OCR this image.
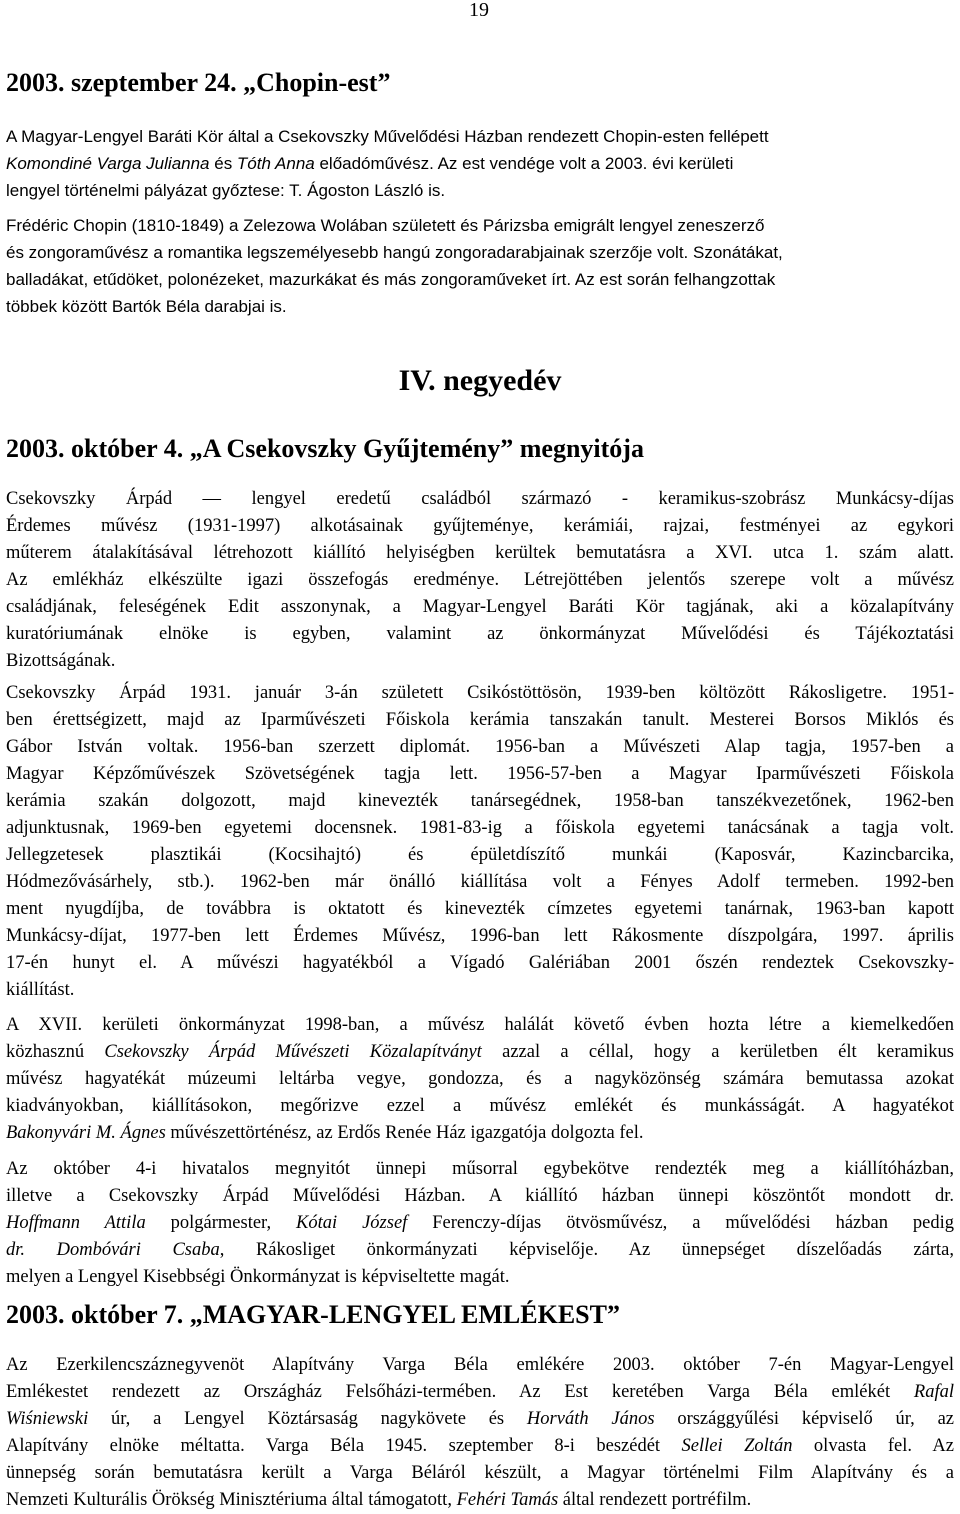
19
2003. szeptember 24. „Chopin-est”
A Magyar-Lengyel Baráti Kör által a Csekovszky Művelődési Házban rendezett Chopin-esten fellépett
Komondiné Varga Julianna és Tóth Anna előadóművész. Az est vendége volt a 2003. évi kerületi
lengyel történelmi pályázat győztese: T. Ágoston László is.
Frédéric Chopin (1810-1849) a Zelezowa Wolában született és Párizsba emigrált lengyel zeneszerző
és zongoraművész a romantika legszemélyesebb hangú zongoradarabjainak szerzője volt. Szonátákat,
balladákat, etűdöket, polonézeket, mazurkákat és más zongoraműveket írt. Az est során felhangzottak
többek között Bartók Béla darabjai is.
IV. negyedév
2003. október 4. „A Csekovszky Gyűjtemény” megnyitója
Csekovszky Árpád — lengyel eredetű családból származó - keramikus-szobrász Munkácsy-díjas
Érdemes művész (1931-1997) alkotásainak gyűjteménye, kerámiái, rajzai, festményei az egykori
műterem átalakításával létrehozott kiállító helyiségben kerültek bemutatásra a XVI. utca 1. szám alatt.
Az emlékház elkészülte igazi összefogás eredménye. Létrejöttében jelentős szerepe volt a művész
családjának, feleségének Edit asszonynak, a Magyar-Lengyel Baráti Kör tagjának, aki a közalapítvány
kuratóriumának elnöke is egyben, valamint az önkormányzat Művelődési és Tájékoztatási
Bizottságának.
Csekovszky Árpád 1931. január 3-án született Csikóstöttösön, 1939-ben költözött Rákosligetre. 1951-
ben érettségizett, majd az Iparművészeti Főiskola kerámia tanszakán tanult. Mesterei Borsos Miklós és
Gábor István voltak. 1956-ban szerzett diplomát. 1956-ban a Művészeti Alap tagja, 1957-ben a
Magyar Képzőművészek Szövetségének tagja lett. 1956-57-ben a Magyar Iparművészeti Főiskola
kerámia szakán dolgozott, majd kinevezték tanársegédnek, 1958-ban tanszékvezetőnek, 1962-ben
adjunktusnak, 1969-ben egyetemi docensnek. 1981-83-ig a főiskola egyetemi tanácsának a tagja volt.
Jellegzetesek plasztikái (Kocsihajtó) és épületdíszítő munkái (Kaposvár, Kazincbarcika,
Hódmezővásárhely, stb.). 1962-ben már önálló kiállítása volt a Fényes Adolf termeben. 1992-ben
ment nyugdíjba, de továbbra is oktatott és kinevezték címzetes egyetemi tanárnak, 1963-ban kapott
Munkácsy-díjat, 1977-ben lett Érdemes Művész, 1996-ban lett Rákosmente díszpolgára, 1997. április
17-én hunyt el. A művészi hagyatékból a Vígadó Galériában 2001 őszén rendeztek Csekovszky-
kiállítást.
A XVII. kerületi önkormányzat 1998-ban, a művész halálát követő évben hozta létre a kiemelkedően
közhasznú Csekovszky Árpád Művészeti Közalapítványt azzal a céllal, hogy a kerületben élt keramikus
művész hagyatékát múzeumi leltárba vegye, gondozza, és a nagyközönség számára bemutassa azokat
kiadványokban, kiállításokon, megőrizve ezzel a művész emlékét és munkásságát. A hagyatékot
Bakonyvári M. Ágnes művészettörténész, az Erdős Renée Ház igazgatója dolgozta fel.
Az október 4-i hivatalos megnyitót ünnepi műsorral egybekötve rendezték meg a kiállítóházban,
illetve a Csekovszky Árpád Művelődési Házban. A kiállító házban ünnepi köszöntőt mondott dr.
Hoffmann Attila polgármester, Kótai József Ferenczy-díjas ötvösművész, a művelődési házban pedig
dr. Dombóvári Csaba, Rákosliget önkormányzati képviselője. Az ünnepséget díszelőadás zárta,
melyen a Lengyel Kisebbségi Önkormányzat is képviseltette magát.
2003. október 7. „MAGYAR-LENGYEL EMLÉKEST”
Az Ezerkilencszáznegyvenöt Alapítvány Varga Béla emlékére 2003. október 7-én Magyar-Lengyel
Emlékestet rendezett az Országház Felsőházi-termében. Az Est keretében Varga Béla emlékét Rafal
Wiśniewski úr, a Lengyel Köztársaság nagykövete és Horváth János országgyűlési képviselő úr, az
Alapítvány elnöke méltatta. Varga Béla 1945. szeptember 8-i beszédét Sellei Zoltán olvasta fel. Az
ünnepség során bemutatásra került a Varga Béláról készült, a Magyar történelmi Film Alapítvány és a
Nemzeti Kulturális Örökség Minisztériuma által támogatott, Fehéri Tamás által rendezett portréfilm.
